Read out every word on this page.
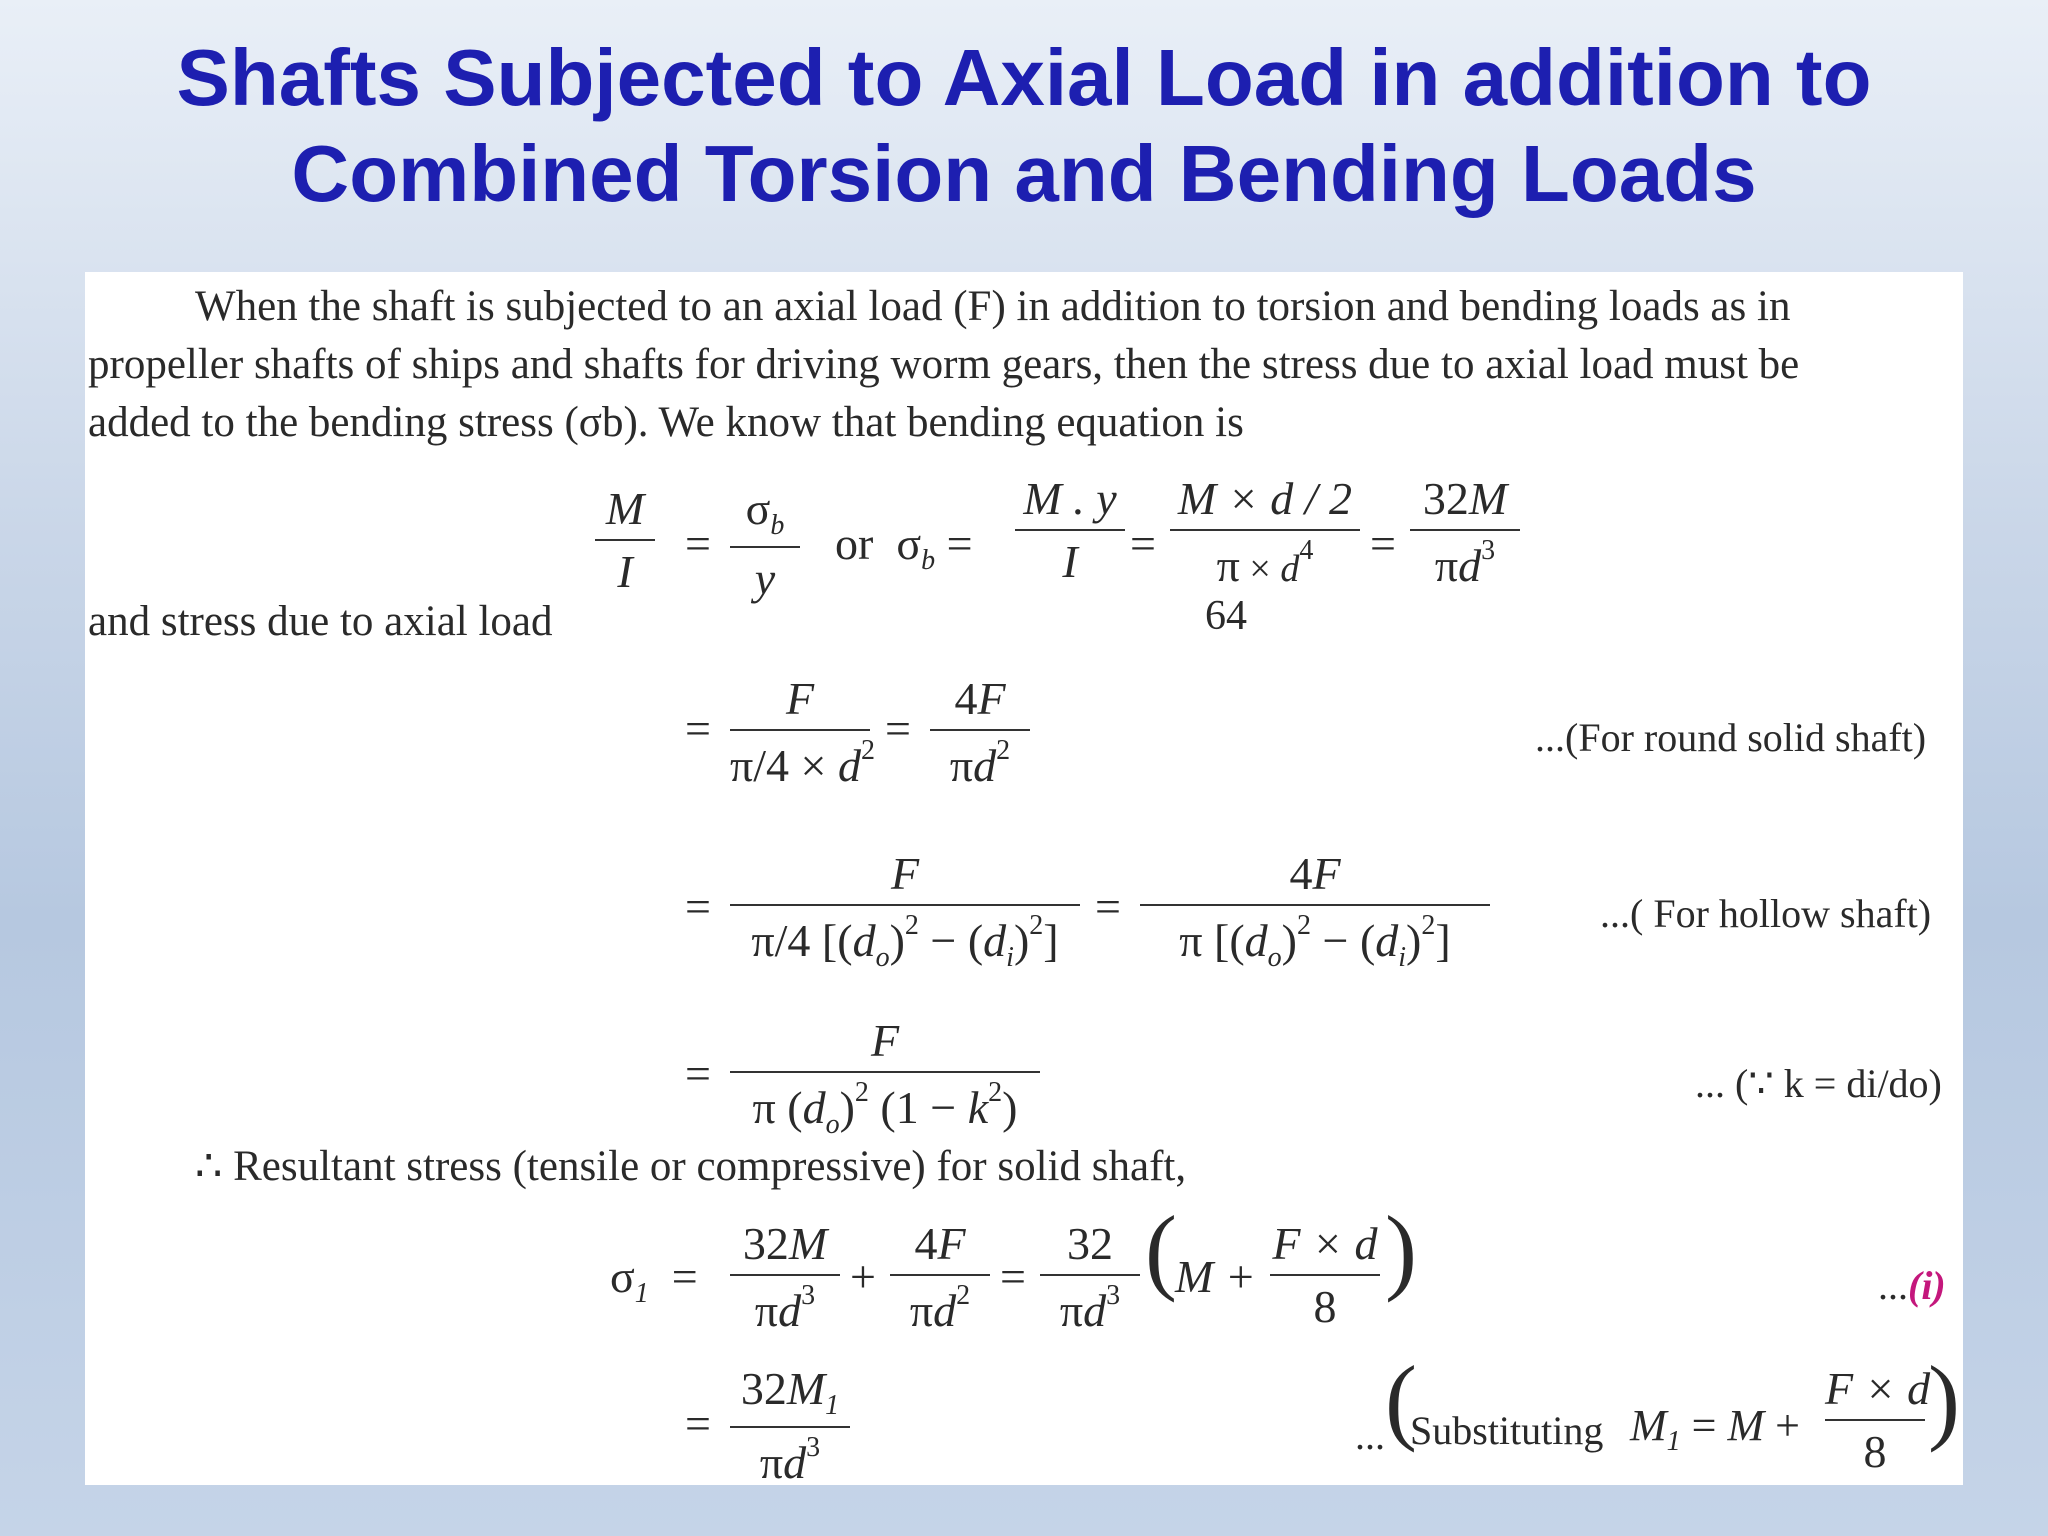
Shafts Subjected to Axial Load in addition to
Combined Torsion and Bending Loads
When the shaft is subjected to an axial load (F) in addition to torsion and bending loads as in
propeller shafts of ships and shafts for driving worm gears, then the stress due to axial load must be
added to the bending stress (σb). We know that bending equation is
M
I
=
$\sigma_b$
y
or  $\sigma_b$ =
M . y
I	=
M × d / 2
$\pi \times d^4$
64
=
32M
$\pi d^3$
and stress due to axial load
=
F
$\pi/4 \times d^2$ =
4F
$\pi d^2$	...(For round solid shaft)
=
F
π/4 $[(d_o)^2 - (d_i)^2]$
=
4F
π $[(d_o)^2 - (d_i)^2]$
...( For hollow shaft)
=
F
π $(d_o)^2$ $(1 - k^2)$	... (∵ k = di/do)
∴ Resultant stress (tensile or compressive) for solid shaft,
$\sigma_1$  =
32M
$\pi d^3$ +
4F
$\pi d^2$ =
32
$\pi d^3$ (
M +
F × d
8
)	...(i)
=
$32M_1$
$\pi d^3$	... (
Substituting $M_1 = M$ +
F × d
8 )
